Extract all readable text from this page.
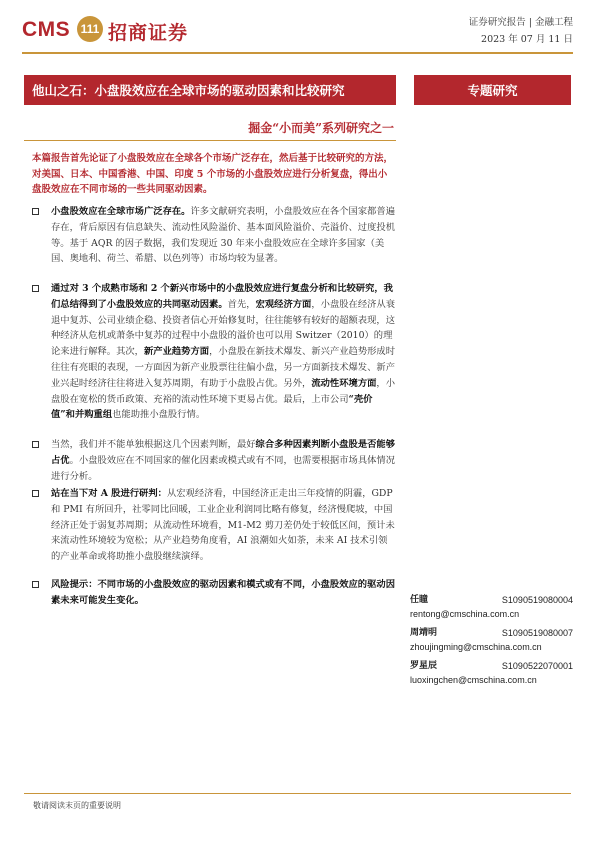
CMS 111 招商证券	证券研究报告 | 金融工程
2023 年 07 月 11 日
他山之石：小盘股效应在全球市场的驱动因素和比较研究	专题研究
掘金“小而美”系列研究之一
本篇报告首先论证了小盘股效应在全球各个市场广泛存在，然后基于比较研究的方法，对美国、日本、中国香港、中国、印度 5 个市场的小盘股效应进行分析复盘，得出小盘股效应在不同市场的一些共同驱动因素。

小盘股效应在全球市场广泛存在。许多文献研究表明，小盘股效应在各个国家都普遍存在，背后原因有信息缺失、流动性风险溢价、基本面风险溢价、壳溢价、过度投机等。基于 AQR 的因子数据，我们发现近 30 年来小盘股效应在全球许多国家（美国、奥地利、荷兰、希腊、以色列等）市场均较为显著。

通过对 3 个成熟市场和 2 个新兴市场中的小盘股效应进行复盘分析和比较研究，我们总结得到了小盘股效应的共同驱动因素。首先，宏观经济方面，小盘股在经济从衰退中复苏、公司业绩企稳、投资者信心开始修复时，往往能够有较好的超额表现，这种经济从危机或萧条中复苏的过程中小盘股的溢价也可以用 Switzer（2010）的理论来进行解释。其次，新产业趋势方面，小盘股在新技术爆发、新兴产业趋势形成时往往有亮眼的表现，一方面因为新产业股票往往偏小盘，另一方面新技术爆发、新产业兴起时经济往往将进入复苏周期，有助于小盘股占优。另外，流动性环境方面，小盘股在宽松的货币政策、充裕的流动性环境下更易占优。最后，上市公司“壳价值”和并购重组也能助推小盘股行情。

当然，我们并不能单独根据这几个因素判断，最好综合多种因素判断小盘股是否能够占优。小盘股效应在不同国家的催化因素或模式或有不同，也需要根据市场具体情况进行分析。

站在当下对 A 股进行研判：从宏观经济看，中国经济正走出三年疫情的阴霾，GDP 和 PMI 有所回升，社零同比回暖，工业企业利润同比略有修复，经济慢爬坡，中国经济正处于弱复苏周期；从流动性环境看，M1-M2 剪刀差仍处于较低区间，预计未来流动性环境较为宽松；从产业趋势角度看，AI 浪潮如火如荼，未来 AI 技术引领的产业革命或将助推小盘股继续演绎。

风险提示：不同市场的小盘股效应的驱动因素和模式或有不同，小盘股效应的驱动因素未来可能发生变化。	任瞳	S1090519080004
rentong@cmschina.com.cn
周靖明	S1090519080007
zhoujingming@cmschina.com.cn
罗星辰	S1090522070001
luoxingchen@cmschina.com.cn
敬请阅读末页的重要说明
